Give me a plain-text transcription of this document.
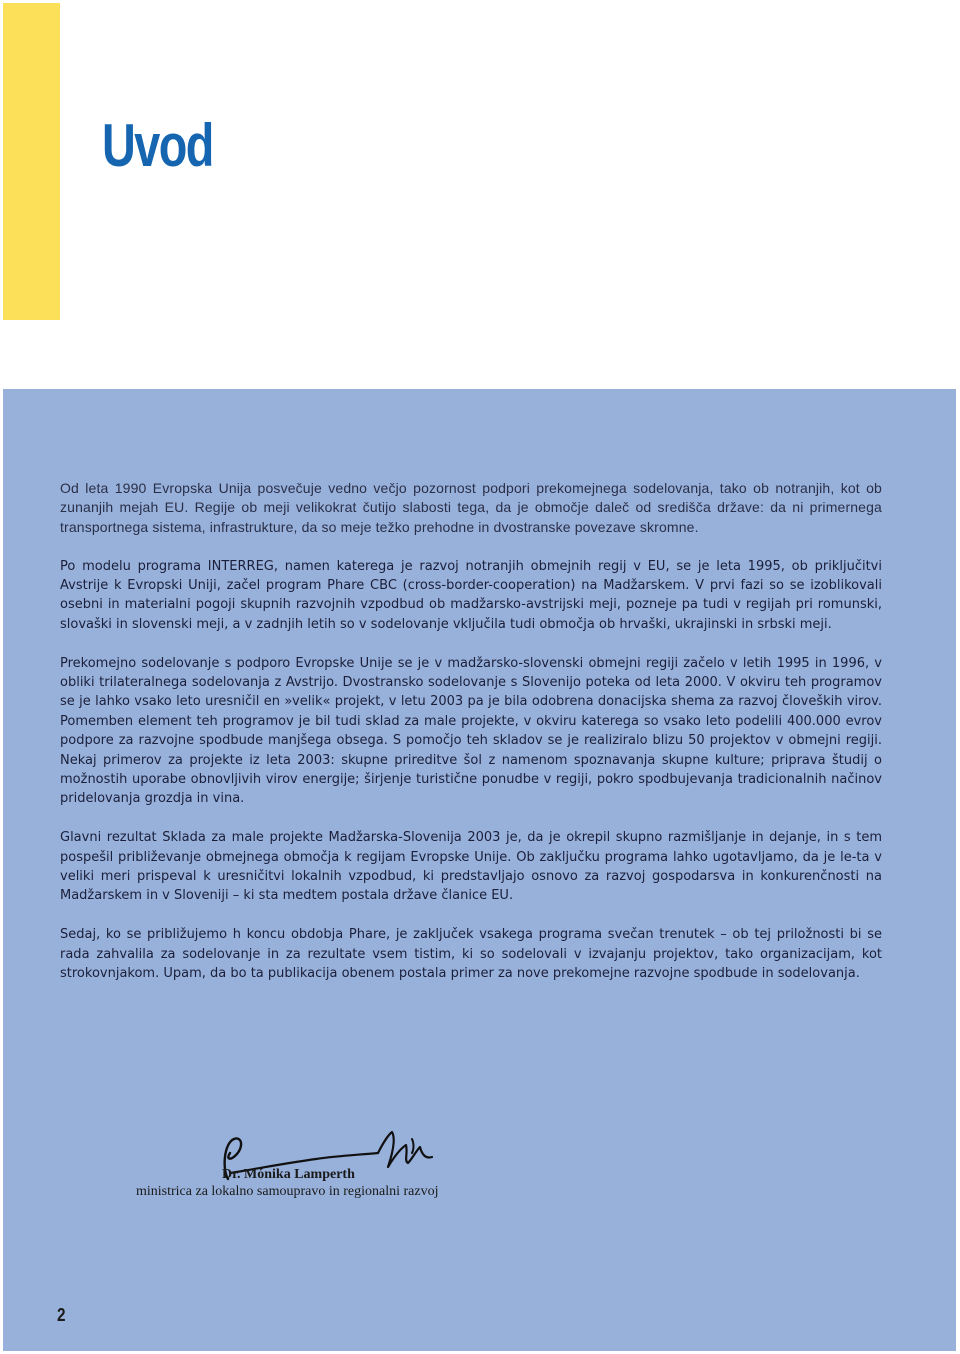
Uvod

Od leta 1990 Evropska Unija posvečuje vedno večjo pozornost podpori prekomejnega sodelovanja, tako ob notranjih, kot ob zunanjih mejah EU. Regije ob meji velikokrat čutijo slabosti tega, da je območje daleč od središča države: da ni primernega transportnega sistema, infrastrukture, da so meje težko prehodne in dvostranske povezave skromne.

Po modelu programa INTERREG, namen katerega je razvoj notranjih obmejnih regij v EU, se je leta 1995, ob priključitvi Avstrije k Evropski Uniji, začel program Phare CBC (cross-border-cooperation) na Madžarskem. V prvi fazi so se izoblikovali osebni in materialni pogoji skupnih razvojnih vzpodbud ob madžarsko-avstrijski meji, pozneje pa tudi v regijah pri romunski, slovaški in slovenski meji, a v zadnjih letih so v sodelovanje vključila tudi območja ob hrvaški, ukrajinski in srbski meji.

Prekomejno sodelovanje s podporo Evropske Unije se je v madžarsko-slovenski obmejni regiji začelo v letih 1995 in 1996, v obliki trilateralnega sodelovanja z Avstrijo. Dvostransko sodelovanje s Slovenijo poteka od leta 2000. V okviru teh programov se je lahko vsako leto uresničil en »velik« projekt, v letu 2003 pa je bila odobrena donacijska shema za razvoj človeških virov. Pomemben element teh programov je bil tudi sklad za male projekte, v okviru katerega so vsako leto podelili 400.000 evrov podpore za razvojne spodbude manjšega obsega. S pomočjo teh skladov se je realiziralo blizu 50 projektov v obmejni regiji. Nekaj primerov za projekte iz leta 2003: skupne prireditve šol z namenom spoznavanja skupne kulture; priprava študij o možnostih uporabe obnovljivih virov energije; širjenje turistične ponudbe v regiji, pokro spodbujevanja tradicionalnih načinov pridelovanja grozdja in vina.

Glavni rezultat Sklada za male projekte Madžarska-Slovenija 2003 je, da je okrepil skupno razmišljanje in dejanje, in s tem pospešil približevanje obmejnega območja k regijam Evropske Unije. Ob zaključku programa lahko ugotavljamo, da je le-ta v veliki meri prispeval k uresničitvi lokalnih vzpodbud, ki predstavljajo osnovo za razvoj gospodarsva in konkurenčnosti na Madžarskem in v Sloveniji – ki sta medtem postala države članice EU.

Sedaj, ko se približujemo h koncu obdobja Phare, je zaključek vsakega programa svečan trenutek – ob tej priložnosti bi se rada zahvalila za sodelovanje in za rezultate vsem tistim, ki so sodelovali v izvajanju projektov, tako organizacijam, kot strokovnjakom. Upam, da bo ta publikacija obenem postala primer za nove prekomejne razvojne spodbude in sodelovanja.

Dr. Mónika Lamperth
ministrica za lokalno samoupravo in regionalni razvoj
2
